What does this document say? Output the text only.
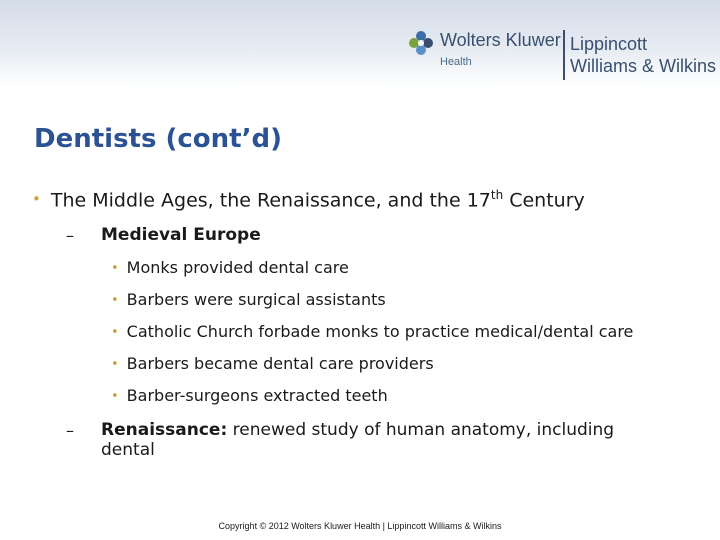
Wolters Kluwer
Health
Lippincott
Williams & Wilkins
Dentists (cont’d)
• The Middle Ages, the Renaissance, and the 17th Century
– Medieval Europe
• Monks provided dental care
• Barbers were surgical assistants
• Catholic Church forbade monks to practice medical/dental care
• Barbers became dental care providers
• Barber-surgeons extracted teeth
– Renaissance: renewed study of human anatomy, including
dental
Copyright © 2012 Wolters Kluwer Health | Lippincott Williams & Wilkins
